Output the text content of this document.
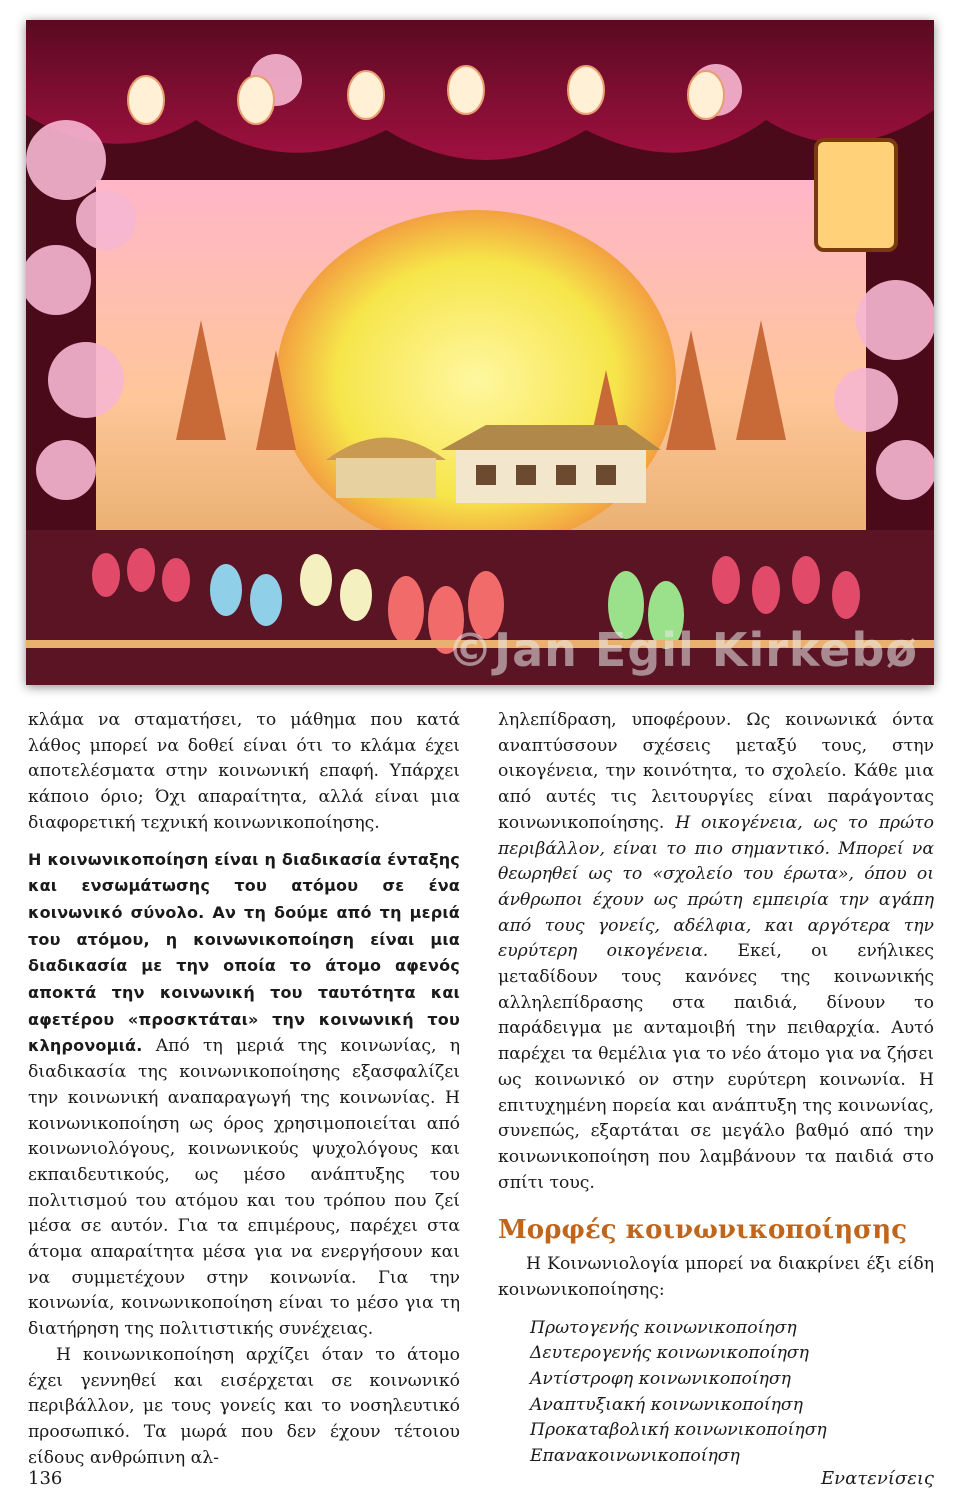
©Jan Egil Kirkebø

κλάμα να σταματήσει, το μάθημα που κατά λάθος μπορεί να δοθεί είναι ότι το κλάμα έχει αποτελέσματα στην κοινωνική επαφή. Υπάρχει κάποιο όριο; Όχι απαραίτητα, αλλά είναι μια διαφορετική τεχνική κοινωνικοποίησης.

Η κοινωνικοποίηση είναι η διαδικασία ένταξης και ενσωμάτωσης του ατόμου σε ένα κοινωνικό σύνολο. Αν τη δούμε από τη μεριά του ατόμου, η κοινωνικοποίηση είναι μια διαδικασία με την οποία το άτομο αφενός αποκτά την κοινωνική του ταυτότητα και αφετέρου «προσκτάται» την κοινωνική του κληρονομιά. Από τη μεριά της κοινωνίας, η διαδικασία της κοινωνικοποίησης εξασφαλίζει την κοινωνική αναπαραγωγή της κοινωνίας. Η κοινωνικοποίηση ως όρος χρησιμοποιείται από κοινωνιολόγους, κοινωνικούς ψυχολόγους και εκπαιδευτικούς, ως μέσο ανάπτυξης του πολιτισμού του ατόμου και του τρόπου που ζεί μέσα σε αυτόν. Για τα επιμέρους, παρέχει στα άτομα απαραίτητα μέσα για να ενεργήσουν και να συμμετέχουν στην κοινωνία. Για την κοινωνία, κοινωνικοποίηση είναι το μέσο για τη διατήρηση της πολιτιστικής συνέχειας.

Η κοινωνικοποίηση αρχίζει όταν το άτομο έχει γεννηθεί και εισέρχεται σε κοινωνικό περιβάλλον, με τους γονείς και το νοσηλευτικό προσωπικό. Τα μωρά που δεν έχουν τέτοιου είδους ανθρώπινη αλ-

ληλεπίδραση, υποφέρουν. Ως κοινωνικά όντα αναπτύσσουν σχέσεις μεταξύ τους, στην οικογένεια, την κοινότητα, το σχολείο. Κάθε μια από αυτές τις λειτουργίες είναι παράγοντας κοινωνικοποίησης. Η οικογένεια, ως το πρώτο περιβάλλον, είναι το πιο σημαντικό. Μπορεί να θεωρηθεί ως το «σχολείο του έρωτα», όπου οι άνθρωποι έχουν ως πρώτη εμπειρία την αγάπη από τους γονείς, αδέλφια, και αργότερα την ευρύτερη οικογένεια. Εκεί, οι ενήλικες μεταδίδουν τους κανόνες της κοινωνικής αλληλεπίδρασης στα παιδιά, δίνουν το παράδειγμα με ανταμοιβή την πειθαρχία. Αυτό παρέχει τα θεμέλια για το νέο άτομο για να ζήσει ως κοινωνικό ον στην ευρύτερη κοινωνία. Η επιτυχημένη πορεία και ανάπτυξη της κοινωνίας, συνεπώς, εξαρτάται σε μεγάλο βαθμό από την κοινωνικοποίηση που λαμβάνουν τα παιδιά στο σπίτι τους.

Μορφές κοινωνικοποίησης

Η Κοινωνιολογία μπορεί να διακρίνει έξι είδη κοινωνικοποίησης:

Πρωτογενής κοινωνικοποίηση
Δευτερογενής κοινωνικοποίηση
Αντίστροφη κοινωνικοποίηση
Αναπτυξιακή κοινωνικοποίηση
Προκαταβολική κοινωνικοποίηση
Επανακοινωνικοποίηση
136	Ενατενίσεις
